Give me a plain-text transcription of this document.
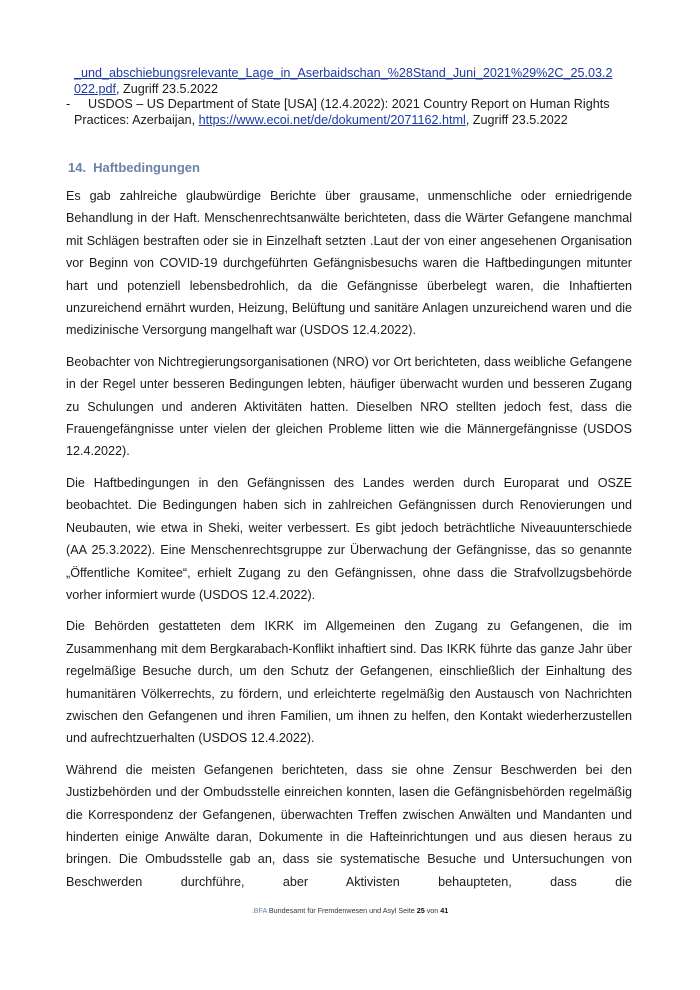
_und_abschiebungsrelevante_Lage_in_Aserbaidschan_%28Stand_Juni_2021%29%2C_25.03.2
022.pdf, Zugriff 23.5.2022
- USDOS – US Department of State [USA] (12.4.2022): 2021 Country Report on Human Rights
Practices: Azerbaijan, https://www.ecoi.net/de/dokument/2071162.html, Zugriff 23.5.2022
14. Haftbedingungen

Es gab zahlreiche glaubwürdige Berichte über grausame, unmenschliche oder erniedrigende Behandlung in der Haft. Menschenrechtsanwälte berichteten, dass die Wärter Gefangene manchmal mit Schlägen bestraften oder sie in Einzelhaft setzten .Laut der von einer angesehenen Organisation vor Beginn von COVID-19 durchgeführten Gefängnisbesuchs waren die Haftbedingungen mitunter hart und potenziell lebensbedrohlich, da die Gefängnisse überbelegt waren, die Inhaftierten unzureichend ernährt wurden, Heizung, Belüftung und sanitäre Anlagen unzureichend waren und die medizinische Versorgung mangelhaft war (USDOS 12.4.2022).

Beobachter von Nichtregierungsorganisationen (NRO) vor Ort berichteten, dass weibliche Gefangene in der Regel unter besseren Bedingungen lebten, häufiger überwacht wurden und besseren Zugang zu Schulungen und anderen Aktivitäten hatten. Dieselben NRO stellten jedoch fest, dass die Frauengefängnisse unter vielen der gleichen Probleme litten wie die Männergefängnisse (USDOS 12.4.2022).

Die Haftbedingungen in den Gefängnissen des Landes werden durch Europarat und OSZE beobachtet. Die Bedingungen haben sich in zahlreichen Gefängnissen durch Renovierungen und Neubauten, wie etwa in Sheki, weiter verbessert. Es gibt jedoch beträchtliche Niveauunterschiede (AA 25.3.2022). Eine Menschenrechtsgruppe zur Überwachung der Gefängnisse, das so genannte „Öffentliche Komitee“, erhielt Zugang zu den Gefängnissen, ohne dass die Strafvollzugsbehörde vorher informiert wurde (USDOS 12.4.2022).

Die Behörden gestatteten dem IKRK im Allgemeinen den Zugang zu Gefangenen, die im Zusammenhang mit dem Bergkarabach-Konflikt inhaftiert sind. Das IKRK führte das ganze Jahr über regelmäßige Besuche durch, um den Schutz der Gefangenen, einschließlich der Einhaltung des humanitären Völkerrechts, zu fördern, und erleichterte regelmäßig den Austausch von Nachrichten zwischen den Gefangenen und ihren Familien, um ihnen zu helfen, den Kontakt wiederherzustellen und aufrechtzuerhalten (USDOS 12.4.2022).

Während die meisten Gefangenen berichteten, dass sie ohne Zensur Beschwerden bei den Justizbehörden und der Ombudsstelle einreichen konnten, lasen die Gefängnisbehörden regelmäßig die Korrespondenz der Gefangenen, überwachten Treffen zwischen Anwälten und Mandanten und hinderten einige Anwälte daran, Dokumente in die Hafteinrichtungen und aus diesen heraus zu bringen. Die Ombudsstelle gab an, dass sie systematische Besuche und Untersuchungen von Beschwerden durchführe, aber Aktivisten behaupteten, dass die

.BFA Bundesamt für Fremdenwesen und Asyl Seite 25 von 41
